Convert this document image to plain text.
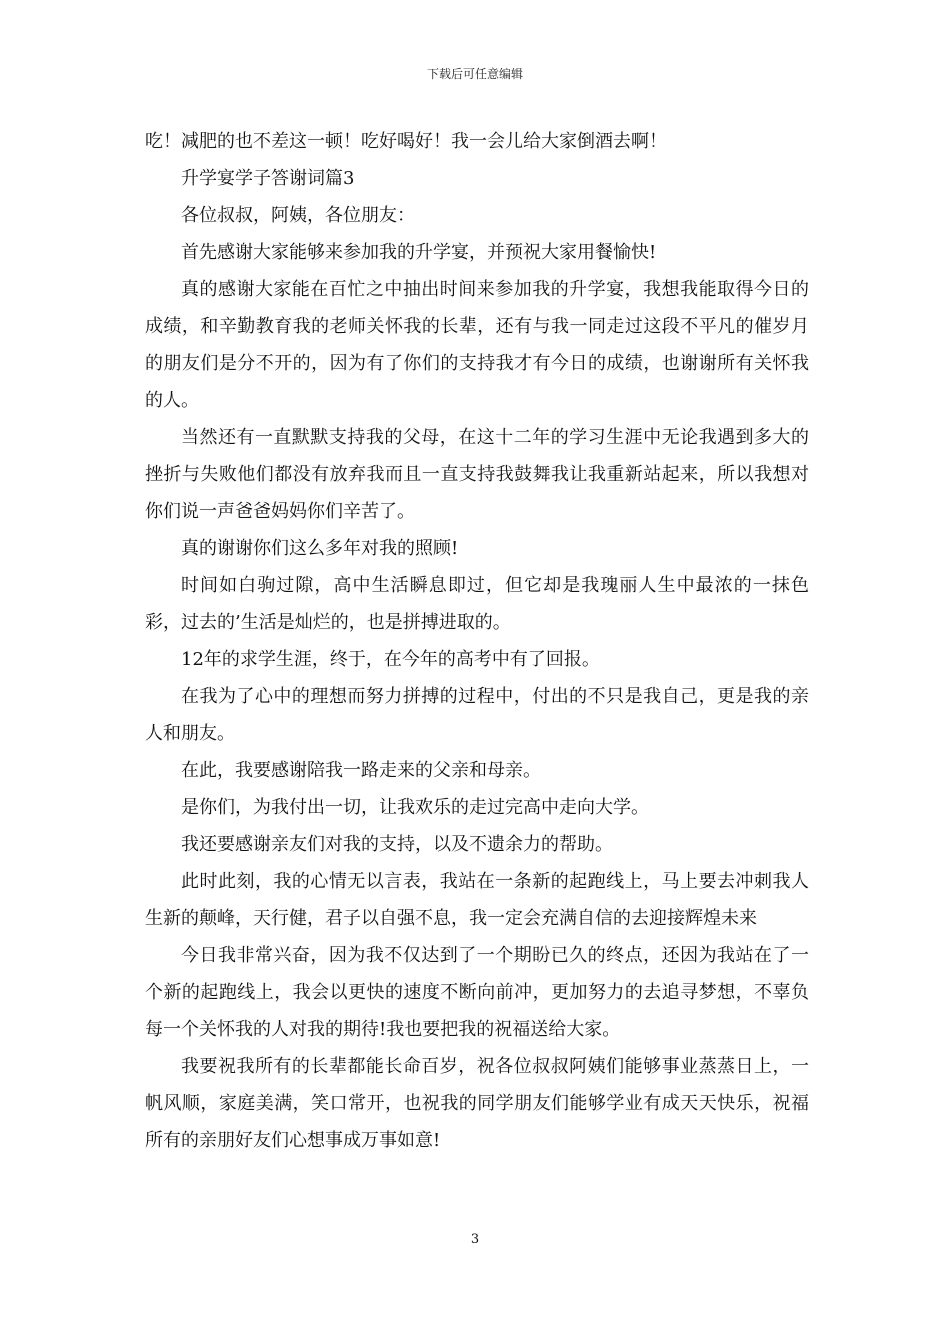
下载后可任意编辑

吃！减肥的也不差这一顿！吃好喝好！我一会儿给大家倒酒去啊！

升学宴学子答谢词篇3

各位叔叔，阿姨，各位朋友：

首先感谢大家能够来参加我的升学宴，并预祝大家用餐愉快!

真的感谢大家能在百忙之中抽出时间来参加我的升学宴，我想我能取得今日的成绩，和辛勤教育我的老师关怀我的长辈，还有与我一同走过这段不平凡的催岁月的朋友们是分不开的，因为有了你们的支持我才有今日的成绩，也谢谢所有关怀我的人。

当然还有一直默默支持我的父母，在这十二年的学习生涯中无论我遇到多大的挫折与失败他们都没有放弃我而且一直支持我鼓舞我让我重新站起来，所以我想对你们说一声爸爸妈妈你们辛苦了。

真的谢谢你们这么多年对我的照顾!

时间如白驹过隙，高中生活瞬息即过，但它却是我瑰丽人生中最浓的一抹色彩，过去的’生活是灿烂的，也是拼搏进取的。

12年的求学生涯，终于，在今年的高考中有了回报。

在我为了心中的理想而努力拼搏的过程中，付出的不只是我自己，更是我的亲人和朋友。

在此，我要感谢陪我一路走来的父亲和母亲。

是你们，为我付出一切，让我欢乐的走过完高中走向大学。

我还要感谢亲友们对我的支持，以及不遗余力的帮助。

此时此刻，我的心情无以言表，我站在一条新的起跑线上，马上要去冲刺我人生新的颠峰，天行健，君子以自强不息，我一定会充满自信的去迎接辉煌未来

今日我非常兴奋，因为我不仅达到了一个期盼已久的终点，还因为我站在了一个新的起跑线上，我会以更快的速度不断向前冲，更加努力的去追寻梦想，不辜负每一个关怀我的人对我的期待!我也要把我的祝福送给大家。

我要祝我所有的长辈都能长命百岁，祝各位叔叔阿姨们能够事业蒸蒸日上，一帆风顺，家庭美满，笑口常开，也祝我的同学朋友们能够学业有成天天快乐，祝福所有的亲朋好友们心想事成万事如意!

3
